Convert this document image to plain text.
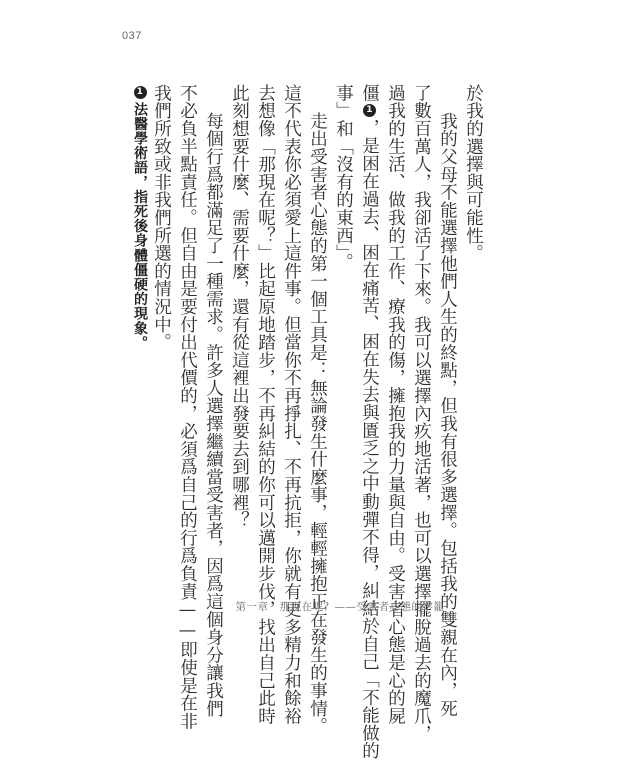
037
於我的選擇與可能性。
我的父母不能選擇他們人生的終點，但我有很多選擇。包括我的雙親在內，死
了數百萬人，我卻活了下來。我可以選擇內疚地活著，也可以選擇擺脫過去的魔爪，
過我的生活、做我的工作、療我的傷，擁抱我的力量與自由。受害者心態是心的屍
僵1，是困在過去、困在痛苦、困在失去與匱乏之中動彈不得，糾結於自己「不能做的
事」和「沒有的東西」。
走出受害者心態的第一個工具是：無論發生什麼事，輕輕擁抱正在發生的事情。
這不代表你必須愛上這件事。但當你不再掙扎、不再抗拒，你就有更多精力和餘裕
去想像「那現在呢？」比起原地踏步，不再糾結的你可以邁開步伐，找出自己此時
此刻想要什麼、需要什麼，還有從這裡出發要去到哪裡？
每個行爲都滿足了一種需求。許多人選擇繼續當受害者，因爲這個身分讓我們
不必負半點責任。但自由是要付出代價的，必須爲自己的行爲負責——即使是在非
我們所致或非我們所選的情況中。
1法醫學術語，指死後身體僵硬的現象。
第一章　那現在呢？——受害者心態的牢籠
